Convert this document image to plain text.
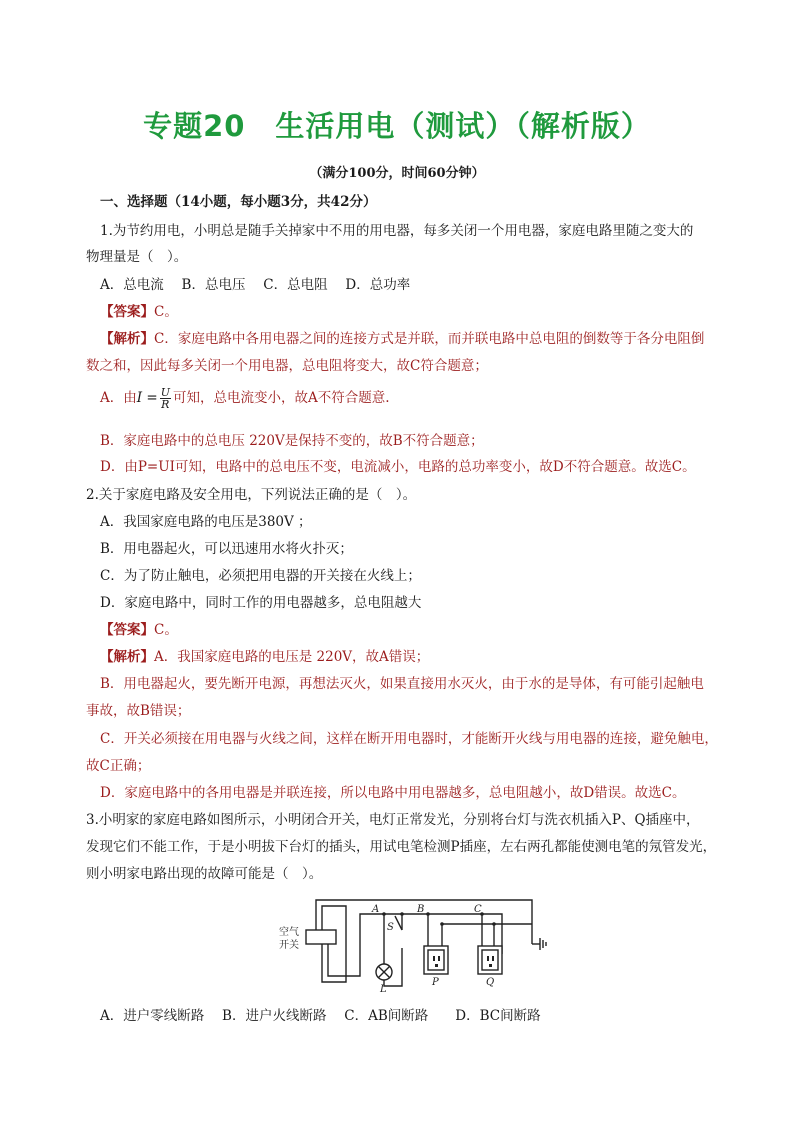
专题20　生活用电（测试）（解析版）
（满分100分，时间60分钟）
一、选择题（14小题，每小题3分，共42分）
1.为节约用电，小明总是随手关掉家中不用的用电器，每多关闭一个用电器，家庭电路里随之变大的
物理量是（　）。
A．总电流　 B．总电压　 C．总电阻　 D．总功率
【答案】C。
【解析】C．家庭电路中各用电器之间的连接方式是并联，而并联电路中总电阻的倒数等于各分电阻倒
数之和，因此每多关闭一个用电器，总电阻将变大，故C符合题意；
A．由$I = \frac{U}{R}$ 可知，总电流变小，故A不符合题意.
B．家庭电路中的总电压 220V是保持不变的，故B不符合题意；
D．由P=UI可知，电路中的总电压不变，电流减小，电路的总功率变小，故D不符合题意。故选C。
2.关于家庭电路及安全用电，下列说法正确的是（　）。
A．我国家庭电路的电压是380V ；
B．用电器起火，可以迅速用水将火扑灭；
C．为了防止触电，必须把用电器的开关接在火线上；
D．家庭电路中，同时工作的用电器越多，总电阻越大
【答案】C。
【解析】A．我国家庭电路的电压是 220V，故A错误；
B．用电器起火，要先断开电源，再想法灭火，如果直接用水灭火，由于水的是导体，有可能引起触电
事故，故B错误；
C．开关必须接在用电器与火线之间，这样在断开用电器时，才能断开火线与用电器的连接，避免触电，
故C正确；
D．家庭电路中的各用电器是并联连接，所以电路中用电器越多，总电阻越小，故D错误。故选C。
3.小明家的家庭电路如图所示，小明闭合开关，电灯正常发光，分别将台灯与洗衣机插入P、Q插座中，
发现它们不能工作，于是小明拔下台灯的插头，用试电笔检测P插座，左右两孔都能使测电笔的氖管发光，
则小明家电路出现的故障可能是（　）。
空气
开关
A	B	C
S
L
P	Q
A．进户零线断路　 B．进户火线断路　 C．AB间断路　　D．BC间断路
